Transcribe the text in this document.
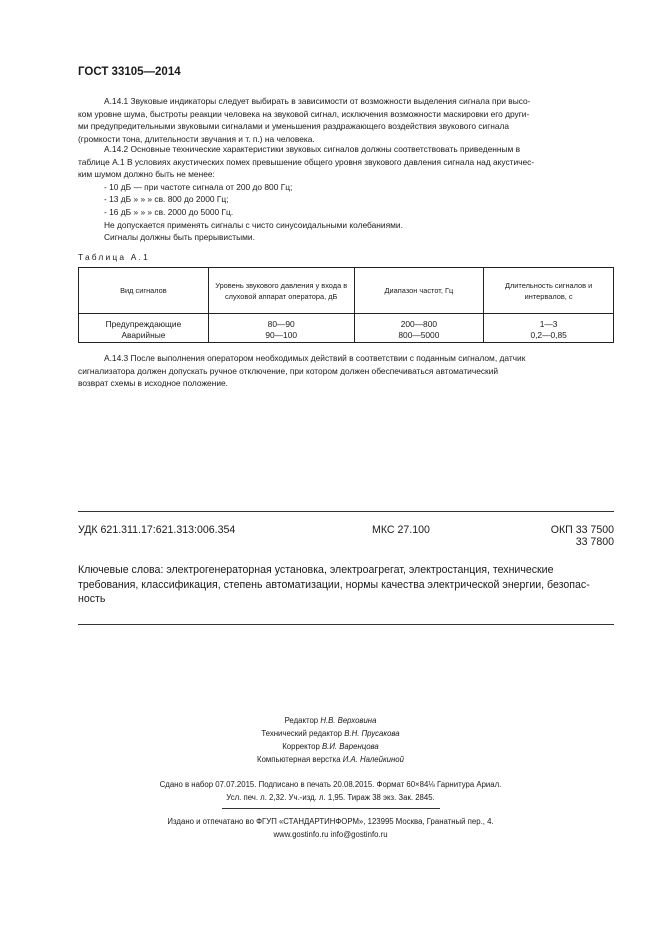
ГОСТ 33105—2014

А.14.1 Звуковые индикаторы следует выбирать в зависимости от возможности выделения сигнала при высо-

ком уровне шума, быстроты реакции человека на звуковой сигнал, исключения возможности маскировки его други-

ми предупредительными звуковыми сигналами и уменьшения раздражающего воздействия звукового сигнала

(громкости тона, длительности звучания и т. п.) на человека.

А.14.2 Основные технические характеристики звуковых сигналов должны соответствовать приведенным в

таблице А.1 В условиях акустических помех превышение общего уровня звукового давления сигнала над акустичес-

ким шумом должно быть не менее:

- 10 дБ — при частоте сигнала от 200 до 800 Гц;

- 13 дБ » » » св. 800 до 2000 Гц;

- 16 дБ » » » св. 2000 до 5000 Гц.

Не допускается применять сигналы с чисто синусоидальными колебаниями.

Сигналы должны быть прерывистыми.

Таблица А.1
Вид сигналов	Уровень звукового давления у входа в слуховой аппарат оператора, дБ	Диапазон частот, Гц	Длительность сигналов и интервалов, с
Предупреждающие	80—90	200—800	1—3
Аварийные	90—100	800—5000	0,2—0,85

А.14.3 После выполнения оператором необходимых действий в соответствии с поданным сигналом, датчик

сигнализатора должен допускать ручное отключение, при котором должен обеспечиваться автоматический

возврат схемы в исходное положение.

УДК 621.311.17:621.313:006.354	МКС 27.100	ОКП 33 7500
33 7800
Ключевые слова: электрогенераторная установка, электроагрегат, электростанция, технические
требования, классификация, степень автоматизации, нормы качества электрической энергии, безопас-
ность
Редактор Н.В. Верховина
Технический редактор В.Н. Прусакова
Корректор В.И. Варенцова
Компьютерная верстка И.А. Налейкиной
Сдано в набор 07.07.2015. Подписано в печать 20.08.2015. Формат 60×84⅛ Гарнитура Ариал.
Усл. печ. л. 2,32. Уч.-изд. л. 1,95. Тираж 38 экз. Зак. 2845.
Издано и отпечатано во ФГУП «СТАНДАРТИНФОРМ», 123995 Москва, Гранатный пер., 4.
www.gostinfo.ru info@gostinfo.ru
